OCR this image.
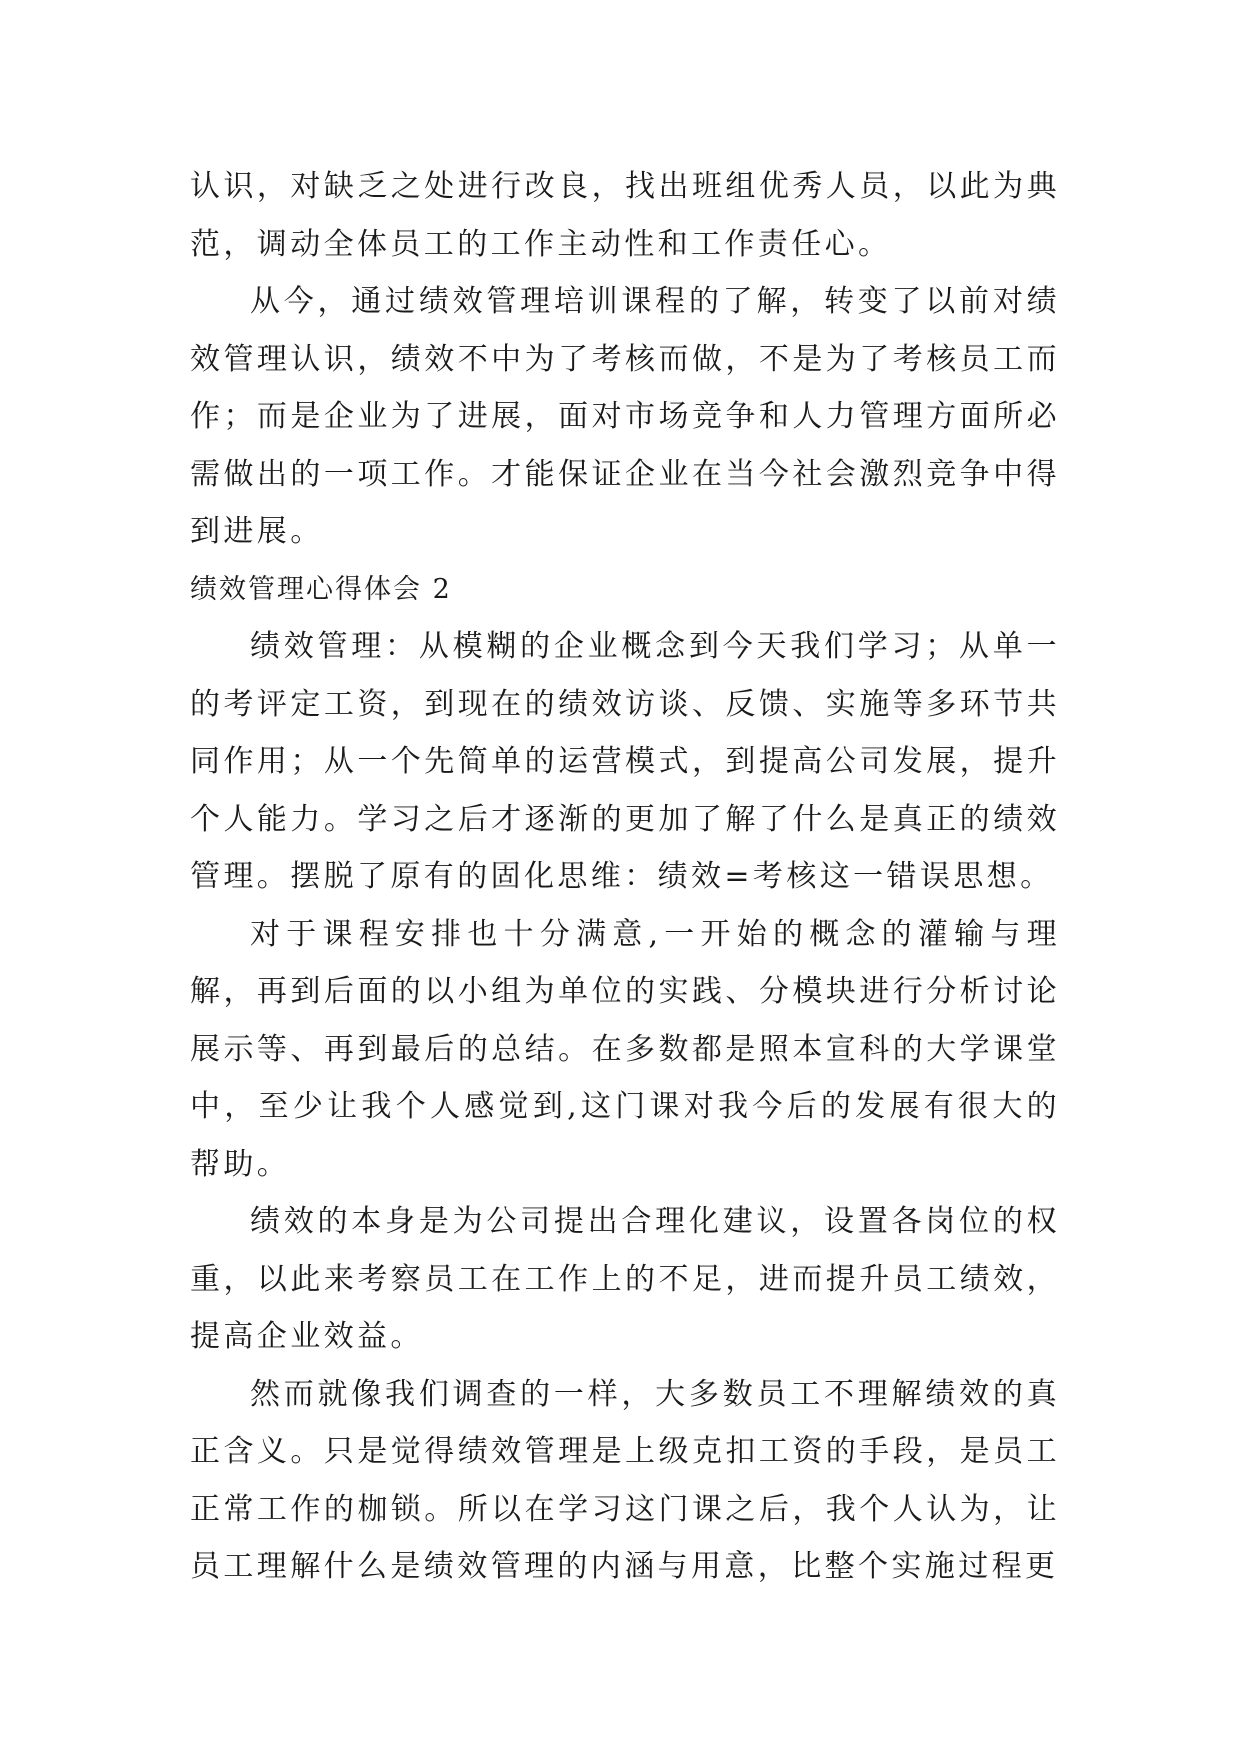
认识，对缺乏之处进行改良，找出班组优秀人员，以此为典范，调动全体员工的工作主动性和工作责任心。

从今，通过绩效管理培训课程的了解，转变了以前对绩效管理认识，绩效不中为了考核而做，不是为了考核员工而作；而是企业为了进展，面对市场竞争和人力管理方面所必需做出的一项工作。才能保证企业在当今社会激烈竞争中得到进展。

绩效管理心得体会 2

绩效管理：从模糊的企业概念到今天我们学习；从单一的考评定工资，到现在的绩效访谈、反馈、实施等多环节共同作用；从一个先简单的运营模式，到提高公司发展，提升个人能力。学习之后才逐渐的更加了解了什么是真正的绩效管理。摆脱了原有的固化思维：绩效=考核这一错误思想。

对于课程安排也十分满意,一开始的概念的灌输与理解，再到后面的以小组为单位的实践、分模块进行分析讨论展示等、再到最后的总结。在多数都是照本宣科的大学课堂中，至少让我个人感觉到,这门课对我今后的发展有很大的帮助。

绩效的本身是为公司提出合理化建议，设置各岗位的权重，以此来考察员工在工作上的不足，进而提升员工绩效，提高企业效益。

然而就像我们调查的一样，大多数员工不理解绩效的真正含义。只是觉得绩效管理是上级克扣工资的手段，是员工正常工作的枷锁。所以在学习这门课之后，我个人认为，让员工理解什么是绩效管理的内涵与用意，比整个实施过程更
